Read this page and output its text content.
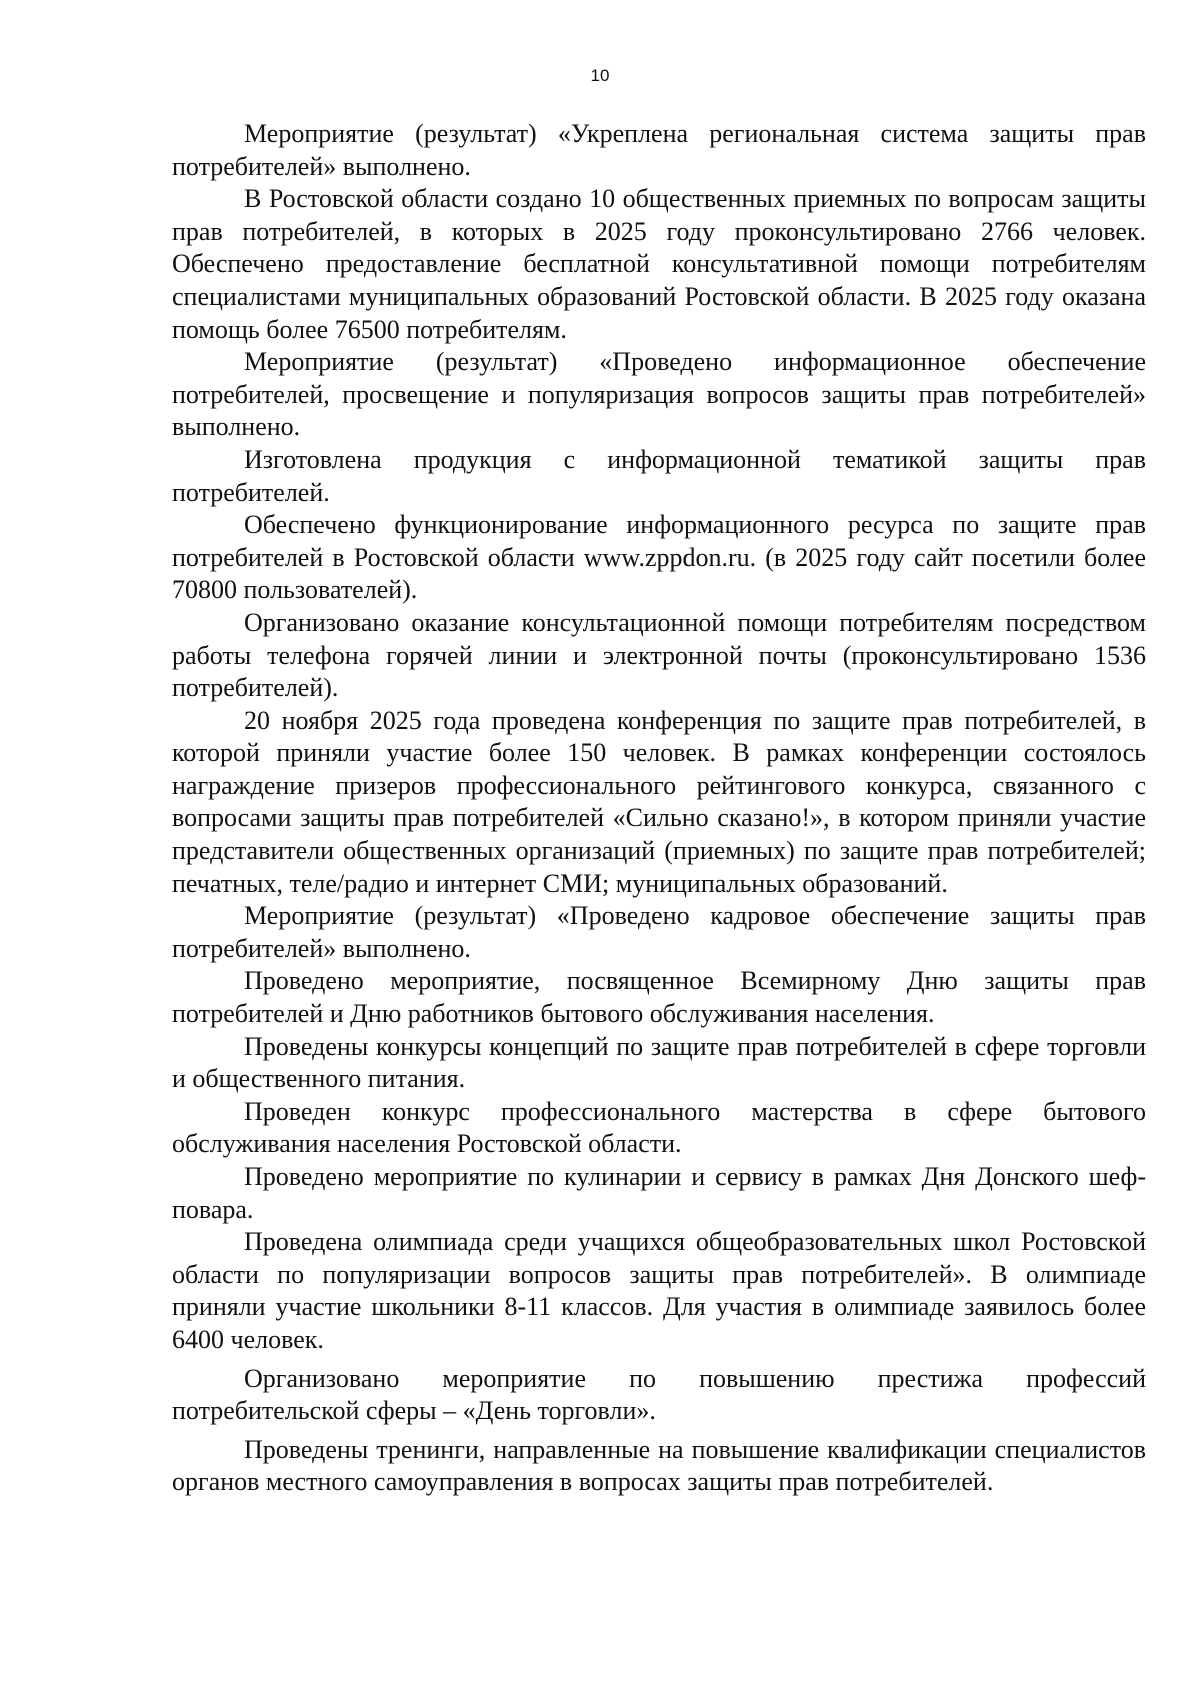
10

Мероприятие (результат) «Укреплена региональная система защиты прав потребителей» выполнено.

В Ростовской области создано 10 общественных приемных по вопросам защиты прав потребителей, в которых в 2025 году проконсультировано 2766 человек. Обеспечено предоставление бесплатной консультативной помощи потребителям специалистами муниципальных образований Ростовской области. В 2025 году оказана помощь более 76500 потребителям.

Мероприятие (результат) «Проведено информационное обеспечение потребителей, просвещение и популяризация вопросов защиты прав потребителей» выполнено.

Изготовлена продукция с информационной тематикой защиты прав потребителей.

Обеспечено функционирование информационного ресурса по защите прав потребителей в Ростовской области www.zppdon.ru. (в 2025 году сайт посетили более 70800 пользователей).

Организовано оказание консультационной помощи потребителям посредством работы телефона горячей линии и электронной почты (проконсультировано 1536 потребителей).

20 ноября 2025 года проведена конференция по защите прав потребителей, в которой приняли участие более 150 человек. В рамках конференции состоялось награждение призеров профессионального рейтингового конкурса, связанного с вопросами защиты прав потребителей «Сильно сказано!», в котором приняли участие представители общественных организаций (приемных) по защите прав потребителей; печатных, теле/радио и интернет СМИ; муниципальных образований.

Мероприятие (результат) «Проведено кадровое обеспечение защиты прав потребителей» выполнено.

Проведено мероприятие, посвященное Всемирному Дню защиты прав потребителей и Дню работников бытового обслуживания населения.

Проведены конкурсы концепций по защите прав потребителей в сфере торговли и общественного питания.

Проведен конкурс профессионального мастерства в сфере бытового обслуживания населения Ростовской области.

Проведено мероприятие по кулинарии и сервису в рамках Дня Донского шеф-повара.

Проведена олимпиада среди учащихся общеобразовательных школ Ростовской области по популяризации вопросов защиты прав потребителей». В олимпиаде приняли участие школьники 8-11 классов. Для участия в олимпиаде заявилось более 6400 человек.

Организовано мероприятие по повышению престижа профессий потребительской сферы – «День торговли».

Проведены тренинги, направленные на повышение квалификации специалистов органов местного самоуправления в вопросах защиты прав потребителей.
